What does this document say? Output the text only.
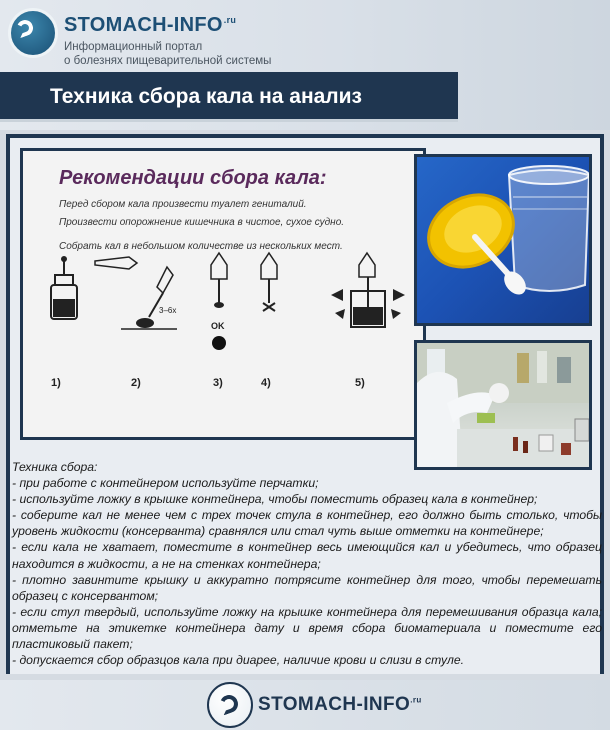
STOMACH-$INFO^{.ru}$
Информационный портал
о болезнях пищеварительной системы
Техника сбора кала на анализ
Рекомендации сбора кала:
Перед сбором кала произвести туалет гениталий.
Произвести опорожнение кишечника в чистое, сухое судно.
Собрать кал в небольшом количестве из нескольких мест.
3–6x
OK
1)	2)	3)	4)	5)

Техника сбора:

- при работе с контейнером используйте перчатки;

- используйте ложку в крышке контейнера, чтобы поместить образец кала в контейнер;

- соберите кал не менее чем с трех точек стула в контейнер, его должно быть столько, чтобы

уровень жидкости (консерванта) сравнялся или стал чуть выше отметки на контейнере;

- если кала не хватает, поместите в контейнер весь имеющийся кал и убедитесь, что образец

находится в жидкости, а не на стенках контейнера;

- плотно завинтите крышку и аккуратно потрясите контейнер для того, чтобы перемешать

образец с консервантом;

- если стул твердый, используйте ложку на крышке контейнера для перемешивания образца кала;

отметьте на этикетке контейнера дату и время сбора биоматериала и поместите его

пластиковый пакет;

- допускается сбор образцов кала при диарее, наличие крови и слизи в стуле.

STOMACH-$INFO^{.ru}$
